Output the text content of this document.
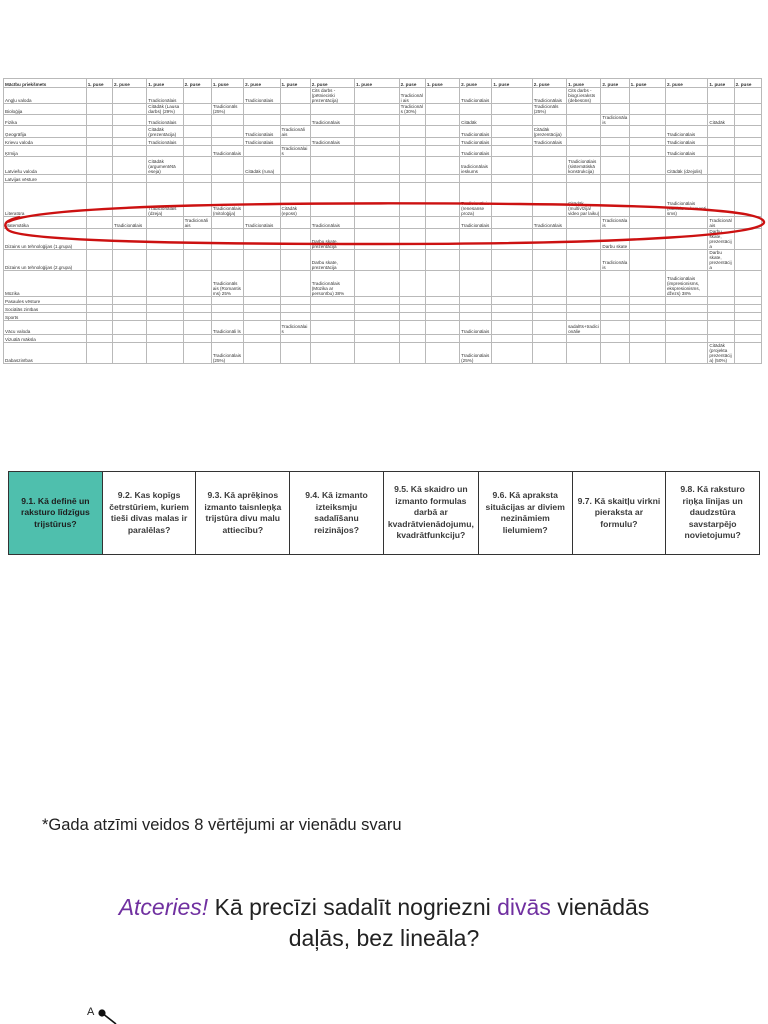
Mācību priekšmets	1. puse	2. puse	1. puse	2. puse	1. puse	2. puse	1. puse	2. puse	1. puse	2. puse	1. puse	2. puse	1. puse	2. puse	1. puse	2. puse	1. puse	2. puse	1. puse	2. puse
Angļu valoda			Tradicionālais			Tradicionālais		Cits darbs - (pētnieciski prezentācija)		Tradicionāli ais		Tradicionālais		Tradicionālais	Cits darbs - biogr.ieraksts (debesūns)					
Bioloģija			Citādāk (Lausa darbs) (29%)		Tradicionāls (25%)					Tradicionāls (30%)				Tradicionāls (25%)						
Fizika			Tradicionālais					Tradicionālais				Citādāk				Tradicionālais			Citādāk	
Ģeogrāfija			Citādāk (prezentācija)			Tradicionālais	Tradicionāli ais					Tradicionālais		Citādāk (prezentācija)				Tradicionālais		
Krievu valoda			Tradicionālais			Tradicionālais		Tradicionālais				Tradicionālais		Tradicionālais				Tradicionālais		
Ķīmija					Tradicionālais		Tradicionālais					Tradicionālais						Tradicionālais		
Latviešu valoda			Citādāk (argumentētā eseja)			Citādāk (runa)						tradicionālais ieskums			Tradicionālais (sistemātiskā konstrukcija)			Citādāk (dzejolis)		
Latvijas vēsture																				
Literatūra			Tradicionālais (dzeja)		Tradicionālais (mitoloģija)		Citādāk (eposs)					Tradicionālais (renesanse proza)			Citādāk (multivīzija/ video par laiku)			Tradicionālais (klasicisms/romantisms)		
Matemātika		Tradicionālais		Tradicionāli ais		Tradicionālais		Tradicionālais				Tradicionālais		Tradicionālais		Tradicionālais			Tradicionālais	
Dizains un tehnoloģijas (1.grupa)								Darbu skate, prezentācija								Darbu skate			Darbu skate, prezentācija	
Dizains un tehnoloģijas (2.grupa)								Darbu skate, prezentācija								Tradicionālais			Darbu skate, prezentācija	
Mūzika					Tradicionāls ais (Romantis ms) 25%			Tradicionālais (Mūzika ar personību) 38%										Tradicionālais (impresionisms, ekspresionisms, džezs) 38%		
Pasaules vēsture																				
Sociālās zinības																				
Sports																				
Vācu valoda					Tradicionāli ls		Tradicionālais					Tradicionālais			sadalīts+tradicionālie					
Vizuālā māksla																				
Dabaszinības					Tradicionālais (25%)							Tradicionālais (25%)							Citādāk (projekta prezentācija) (50%)	
9.1. Kā definē un raksturo līdzīgus trijstūrus?
9.2. Kas kopīgs četrstūriem, kuriem tieši divas malas ir paralēlas?
9.3. Kā aprēķinos izmanto taisnleņķa trijstūra divu malu attiecību?
9.4. Kā izmanto izteiksmju sadalīšanu reizinājos?
9.5. Kā skaidro un izmanto formulas darbā ar kvadrātvienādojumu, kvadrātfunkciju?
9.6. Kā apraksta situācijas ar diviem nezināmiem lielumiem?
9.7. Kā skaitļu virkni pieraksta ar formulu?
9.8. Kā raksturo riņķa līnijas un daudzstūra savstarpējo novietojumu?
*Gada atzīmi veidos 8 vērtējumi ar vienādu svaru
Atceries! Kā precīzi sadalīt nogriezni divās vienādās
daļās, bez lineāla?
A
